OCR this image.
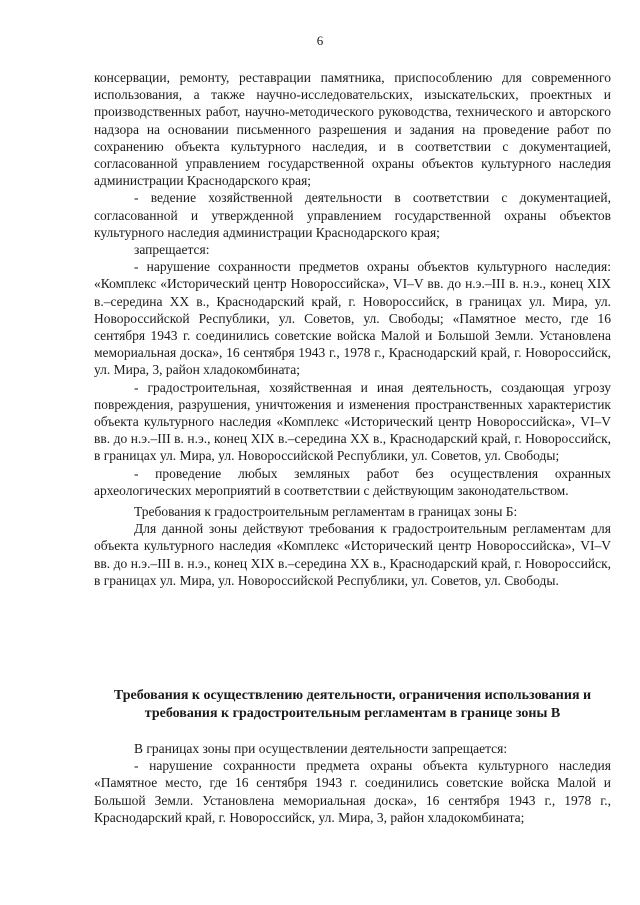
6

консервации, ремонту, реставрации памятника, приспособлению для современного использования, а также научно-исследовательских, изыскательских, проектных и производственных работ, научно-методического руководства, технического и авторского надзора на основании письменного разрешения и задания на проведение работ по сохранению объекта культурного наследия, и в соответствии с документацией, согласованной управлением государственной охраны объектов культурного наследия администрации Краснодарского края;

- ведение хозяйственной деятельности в соответствии с документацией, согласованной и утвержденной управлением государственной охраны объектов культурного наследия администрации Краснодарского края;

запрещается:

- нарушение сохранности предметов охраны объектов культурного наследия: «Комплекс «Исторический центр Новороссийска», VI–V вв. до н.э.–III в. н.э., конец XIX в.–середина XX в., Краснодарский край, г. Новороссийск, в границах ул. Мира, ул. Новороссийской Республики, ул. Советов, ул. Свободы; «Памятное место, где 16 сентября 1943 г. соединились советские войска Малой и Большой Земли. Установлена мемориальная доска», 16 сентября 1943 г., 1978 г., Краснодарский край, г. Новороссийск, ул. Мира, 3, район хладокомбината;

- градостроительная, хозяйственная и иная деятельность, создающая угрозу повреждения, разрушения, уничтожения и изменения пространственных характеристик объекта культурного наследия «Комплекс «Исторический центр Новороссийска», VI–V вв. до н.э.–III в. н.э., конец XIX в.–середина XX в., Краснодарский край, г. Новороссийск, в границах ул. Мира, ул. Новороссийской Республики, ул. Советов, ул. Свободы;

- проведение любых земляных работ без осуществления охранных археологических мероприятий в соответствии с действующим законодательством.

Требования к градостроительным регламентам в границах зоны Б:

Для данной зоны действуют требования к градостроительным регламентам для объекта культурного наследия «Комплекс «Исторический центр Новороссийска», VI–V вв. до н.э.–III в. н.э., конец XIX в.–середина XX в., Краснодарский край, г. Новороссийск, в границах ул. Мира, ул. Новороссийской Республики, ул. Советов, ул. Свободы.

Требования к осуществлению деятельности, ограничения использования и требования к градостроительным регламентам в границе зоны В

В границах зоны при осуществлении деятельности запрещается:

- нарушение сохранности предмета охраны объекта культурного наследия «Памятное место, где 16 сентября 1943 г. соединились советские войска Малой и Большой Земли. Установлена мемориальная доска», 16 сентября 1943 г., 1978 г., Краснодарский край, г. Новороссийск, ул. Мира, 3, район хладокомбината;
